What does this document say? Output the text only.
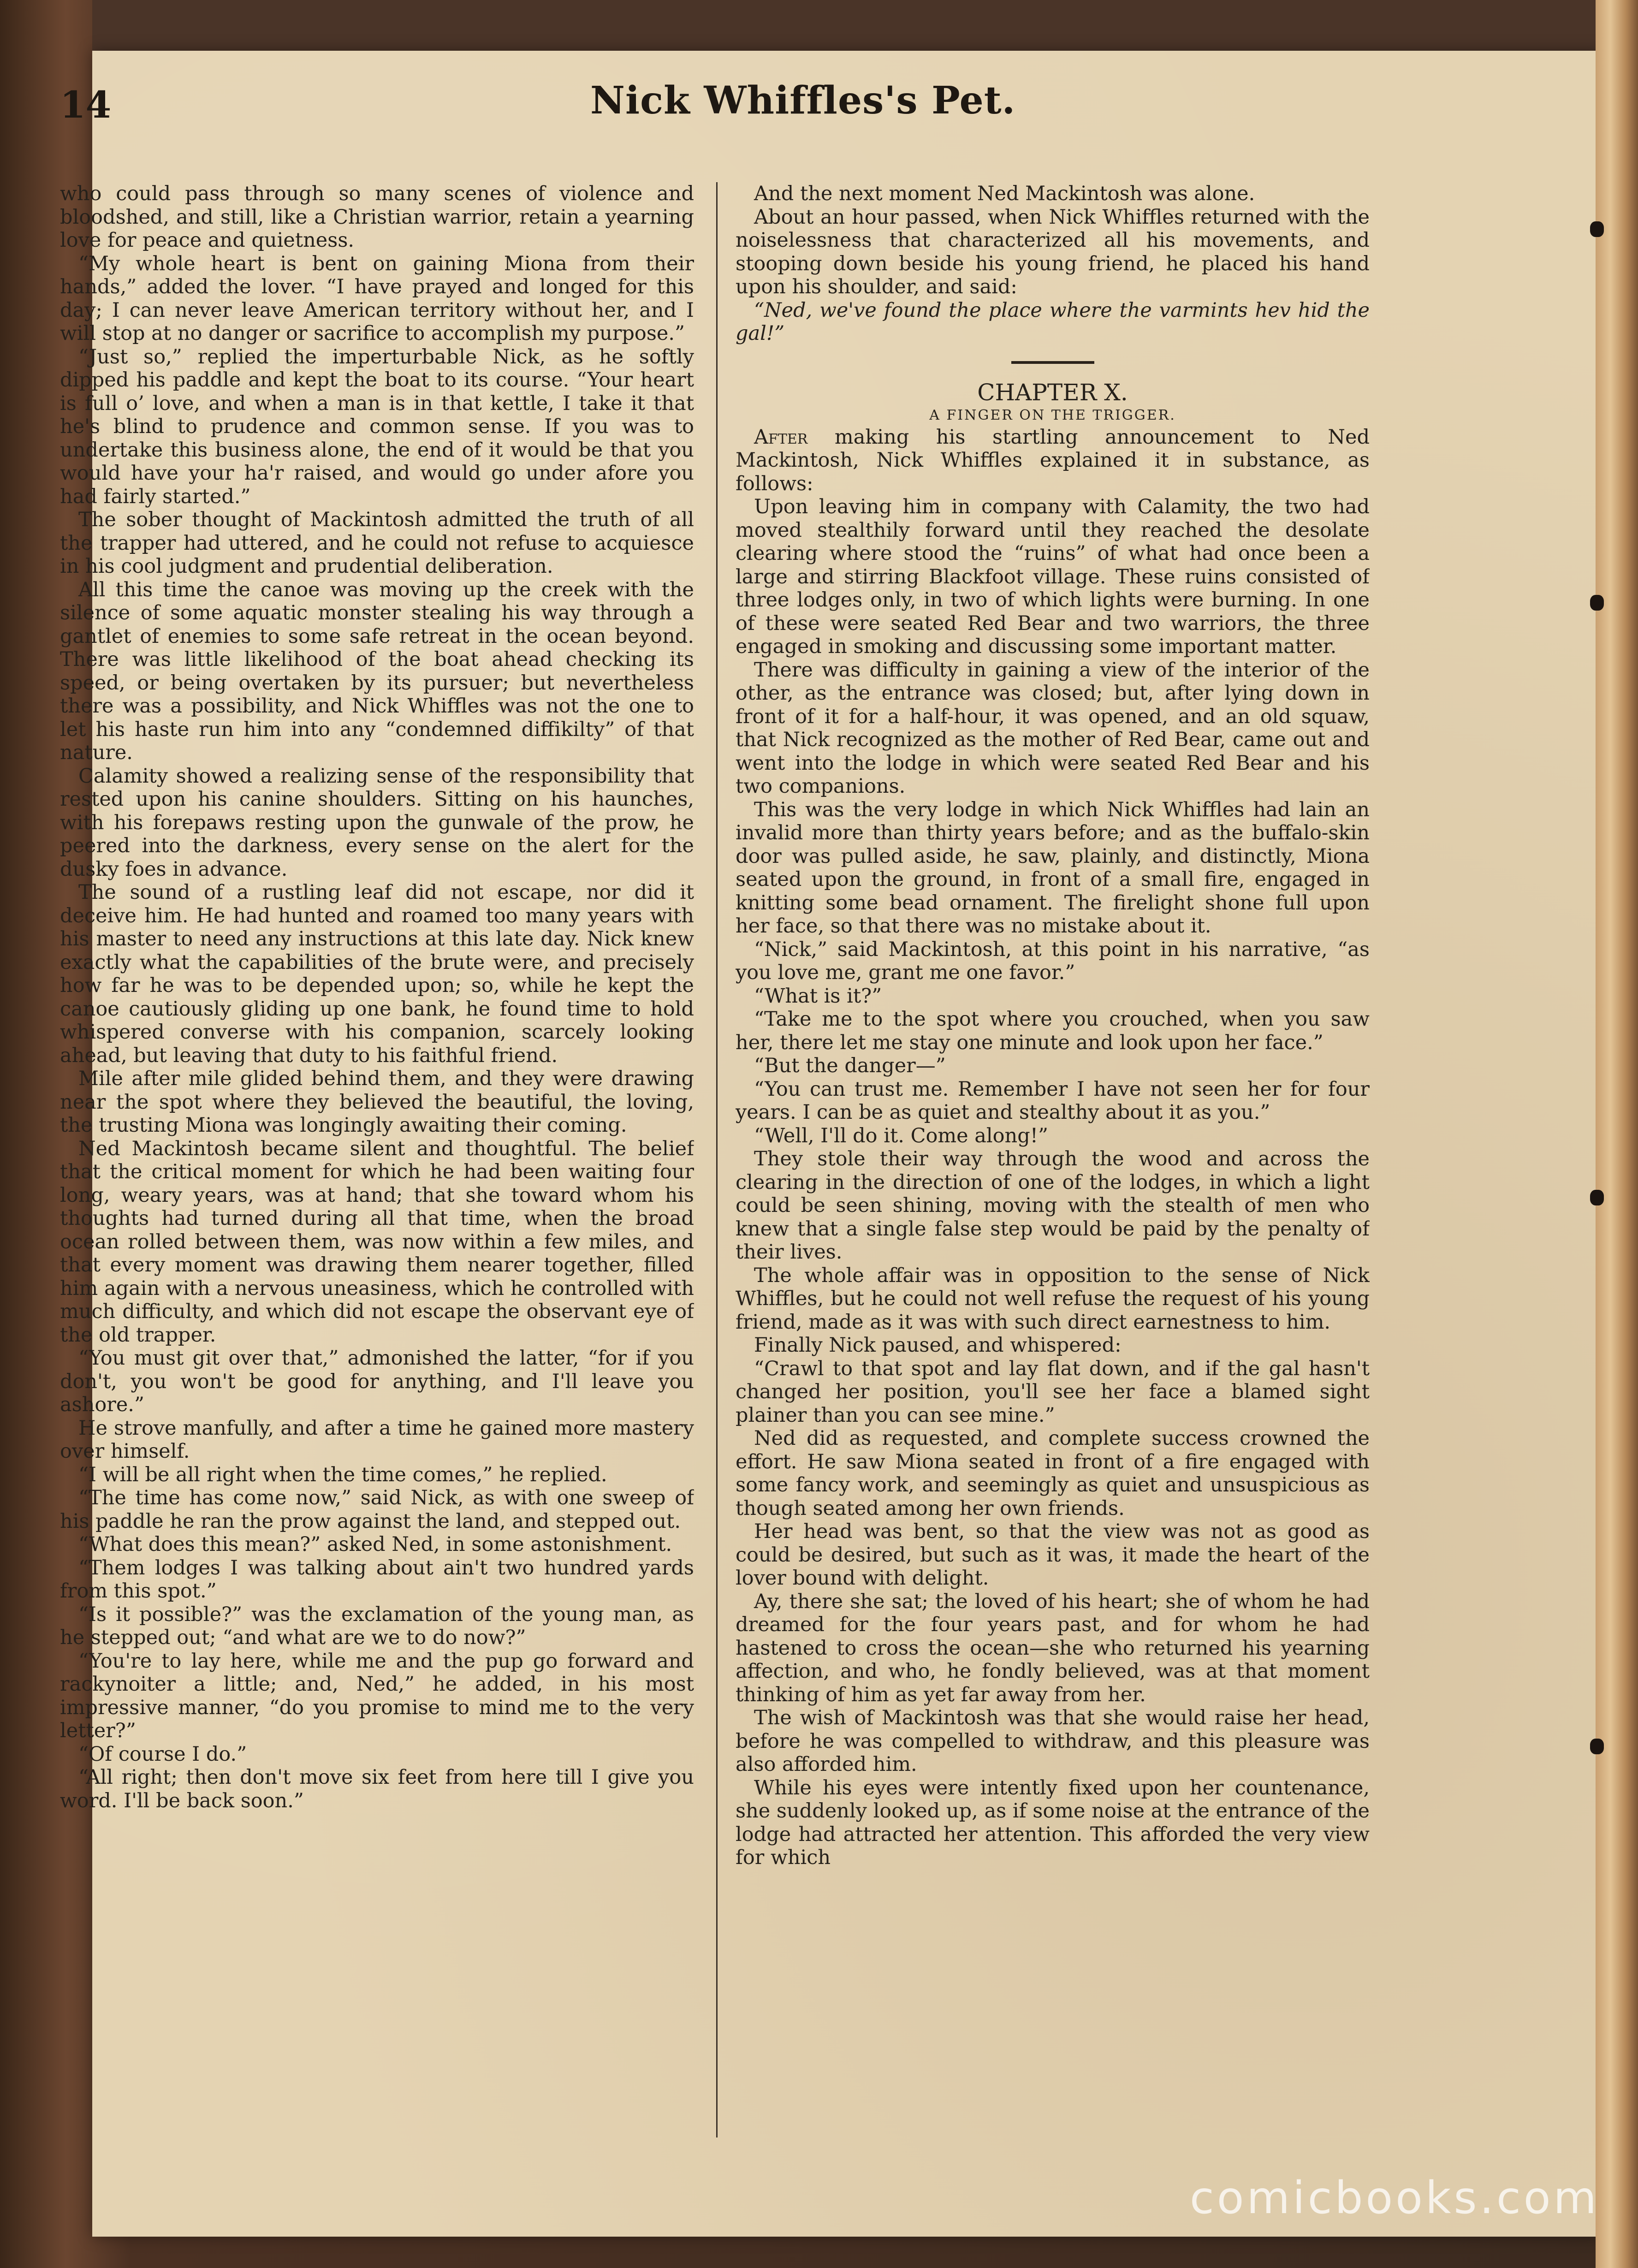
14	Nick Whiffles's Pet.

who could pass through so many scenes of violence and bloodshed, and still, like a Christian warrior, retain a yearning love for peace and quietness.

“My whole heart is bent on gaining Miona from their hands,” added the lover. “I have prayed and longed for this day; I can never leave American territory without her, and I will stop at no danger or sacrifice to accomplish my purpose.”

“Just so,” replied the imperturbable Nick, as he softly dipped his paddle and kept the boat to its course. “Your heart is full o’ love, and when a man is in that kettle, I take it that he's blind to prudence and common sense. If you was to undertake this business alone, the end of it would be that you would have your ha'r raised, and would go under afore you had fairly started.”

The sober thought of Mackintosh admitted the truth of all the trapper had uttered, and he could not refuse to acquiesce in his cool judgment and prudential deliberation.

All this time the canoe was moving up the creek with the silence of some aquatic monster stealing his way through a gantlet of enemies to some safe retreat in the ocean beyond. There was little likelihood of the boat ahead checking its speed, or being overtaken by its pursuer; but nevertheless there was a possibility, and Nick Whiffles was not the one to let his haste run him into any “condemned diffikilty” of that nature.

Calamity showed a realizing sense of the responsibility that rested upon his canine shoulders. Sitting on his haunches, with his forepaws resting upon the gunwale of the prow, he peered into the darkness, every sense on the alert for the dusky foes in advance.

The sound of a rustling leaf did not escape, nor did it deceive him. He had hunted and roamed too many years with his master to need any instructions at this late day. Nick knew exactly what the capabilities of the brute were, and precisely how far he was to be depended upon; so, while he kept the canoe cautiously gliding up one bank, he found time to hold whispered converse with his companion, scarcely looking ahead, but leaving that duty to his faithful friend.

Mile after mile glided behind them, and they were drawing near the spot where they believed the beautiful, the loving, the trusting Miona was longingly awaiting their coming.

Ned Mackintosh became silent and thoughtful. The belief that the critical moment for which he had been waiting four long, weary years, was at hand; that she toward whom his thoughts had turned during all that time, when the broad ocean rolled between them, was now within a few miles, and that every moment was drawing them nearer together, filled him again with a nervous uneasiness, which he controlled with much difficulty, and which did not escape the observant eye of the old trapper.

“You must git over that,” admonished the latter, “for if you don't, you won't be good for anything, and I'll leave you ashore.”

He strove manfully, and after a time he gained more mastery over himself.

“I will be all right when the time comes,” he replied.

“The time has come now,” said Nick, as with one sweep of his paddle he ran the prow against the land, and stepped out.

“What does this mean?” asked Ned, in some astonishment.

“Them lodges I was talking about ain't two hundred yards from this spot.”

“Is it possible?” was the exclamation of the young man, as he stepped out; “and what are we to do now?”

“You're to lay here, while me and the pup go forward and rackynoiter a little; and, Ned,” he added, in his most impressive manner, “do you promise to mind me to the very letter?”

“Of course I do.”

“All right; then don't move six feet from here till I give you word. I'll be back soon.”

And the next moment Ned Mackintosh was alone.

About an hour passed, when Nick Whiffles returned with the noiselessness that characterized all his movements, and stooping down beside his young friend, he placed his hand upon his shoulder, and said:

“Ned, we've found the place where the varmints hev hid the gal!”

CHAPTER X.

A FINGER ON THE TRIGGER.

After making his startling announcement to Ned Mackintosh, Nick Whiffles explained it in substance, as follows:

Upon leaving him in company with Calamity, the two had moved stealthily forward until they reached the desolate clearing where stood the “ruins” of what had once been a large and stirring Blackfoot village. These ruins consisted of three lodges only, in two of which lights were burning. In one of these were seated Red Bear and two warriors, the three engaged in smoking and discussing some important matter.

There was difficulty in gaining a view of the interior of the other, as the entrance was closed; but, after lying down in front of it for a half-hour, it was opened, and an old squaw, that Nick recognized as the mother of Red Bear, came out and went into the lodge in which were seated Red Bear and his two companions.

This was the very lodge in which Nick Whiffles had lain an invalid more than thirty years before; and as the buffalo-skin door was pulled aside, he saw, plainly, and distinctly, Miona seated upon the ground, in front of a small fire, engaged in knitting some bead ornament. The firelight shone full upon her face, so that there was no mistake about it.

“Nick,” said Mackintosh, at this point in his narrative, “as you love me, grant me one favor.”

“What is it?”

“Take me to the spot where you crouched, when you saw her, there let me stay one minute and look upon her face.”

“But the danger—”

“You can trust me. Remember I have not seen her for four years. I can be as quiet and stealthy about it as you.”

“Well, I'll do it. Come along!”

They stole their way through the wood and across the clearing in the direction of one of the lodges, in which a light could be seen shining, moving with the stealth of men who knew that a single false step would be paid by the penalty of their lives.

The whole affair was in opposition to the sense of Nick Whiffles, but he could not well refuse the request of his young friend, made as it was with such direct earnestness to him.

Finally Nick paused, and whispered:

“Crawl to that spot and lay flat down, and if the gal hasn't changed her position, you'll see her face a blamed sight plainer than you can see mine.”

Ned did as requested, and complete success crowned the effort. He saw Miona seated in front of a fire engaged with some fancy work, and seemingly as quiet and unsuspicious as though seated among her own friends.

Her head was bent, so that the view was not as good as could be desired, but such as it was, it made the heart of the lover bound with delight.

Ay, there she sat; the loved of his heart; she of whom he had dreamed for the four years past, and for whom he had hastened to cross the ocean—she who returned his yearning affection, and who, he fondly believed, was at that moment thinking of him as yet far away from her.

The wish of Mackintosh was that she would raise her head, before he was compelled to withdraw, and this pleasure was also afforded him.

While his eyes were intently fixed upon her countenance, she suddenly looked up, as if some noise at the entrance of the lodge had attracted her attention. This afforded the very view for which

comicbooks.com
